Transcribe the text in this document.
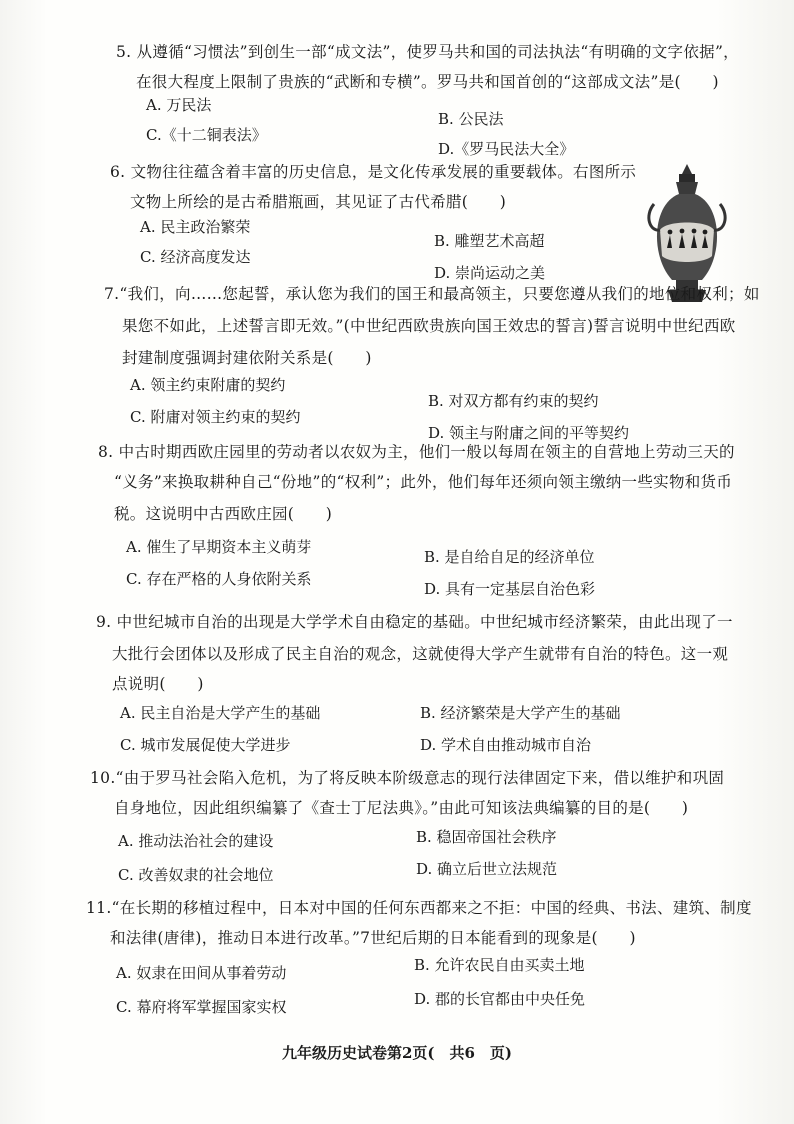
5. 从遵循“习惯法”到创生一部“成文法”，使罗马共和国的司法执法“有明确的文字依据”，
在很大程度上限制了贵族的“武断和专横”。罗马共和国首创的“这部成文法”是(　　)
A. 万民法
B. 公民法
C.《十二铜表法》
D.《罗马民法大全》
6. 文物往往蕴含着丰富的历史信息，是文化传承发展的重要载体。右图所示
文物上所绘的是古希腊瓶画，其见证了古代希腊(　　)
A. 民主政治繁荣
B. 雕塑艺术高超
C. 经济高度发达
D. 崇尚运动之美
7.“我们，向……您起誓，承认您为我们的国王和最高领主，只要您遵从我们的地位和权利；如
果您不如此，上述誓言即无效。”(中世纪西欧贵族向国王效忠的誓言)誓言说明中世纪西欧
封建制度强调封建依附关系是(　　)
A. 领主约束附庸的契约
B. 对双方都有约束的契约
C. 附庸对领主约束的契约
D. 领主与附庸之间的平等契约
8. 中古时期西欧庄园里的劳动者以农奴为主，他们一般以每周在领主的自营地上劳动三天的
“义务”来换取耕种自己“份地”的“权利”；此外，他们每年还须向领主缴纳一些实物和货币
税。这说明中古西欧庄园(　　)
A. 催生了早期资本主义萌芽
B. 是自给自足的经济单位
C. 存在严格的人身依附关系
D. 具有一定基层自治色彩
9. 中世纪城市自治的出现是大学学术自由稳定的基础。中世纪城市经济繁荣，由此出现了一
大批行会团体以及形成了民主自治的观念，这就使得大学产生就带有自治的特色。这一观
点说明(　　)
A. 民主自治是大学产生的基础	B. 经济繁荣是大学产生的基础
C. 城市发展促使大学进步	D. 学术自由推动城市自治
10.“由于罗马社会陷入危机，为了将反映本阶级意志的现行法律固定下来，借以维护和巩固
自身地位，因此组织编纂了《查士丁尼法典》。”由此可知该法典编纂的目的是(　　)
A. 推动法治社会的建设	B. 稳固帝国社会秩序
C. 改善奴隶的社会地位	D. 确立后世立法规范
11.“在长期的移植过程中，日本对中国的任何东西都来之不拒：中国的经典、书法、建筑、制度
和法律(唐律)，推动日本进行改革。”7世纪后期的日本能看到的现象是(　　)
A. 奴隶在田间从事着劳动	B. 允许农民自由买卖土地
C. 幕府将军掌握国家实权	D. 郡的长官都由中央任免
九年级历史试卷第2页(　共6　页)
